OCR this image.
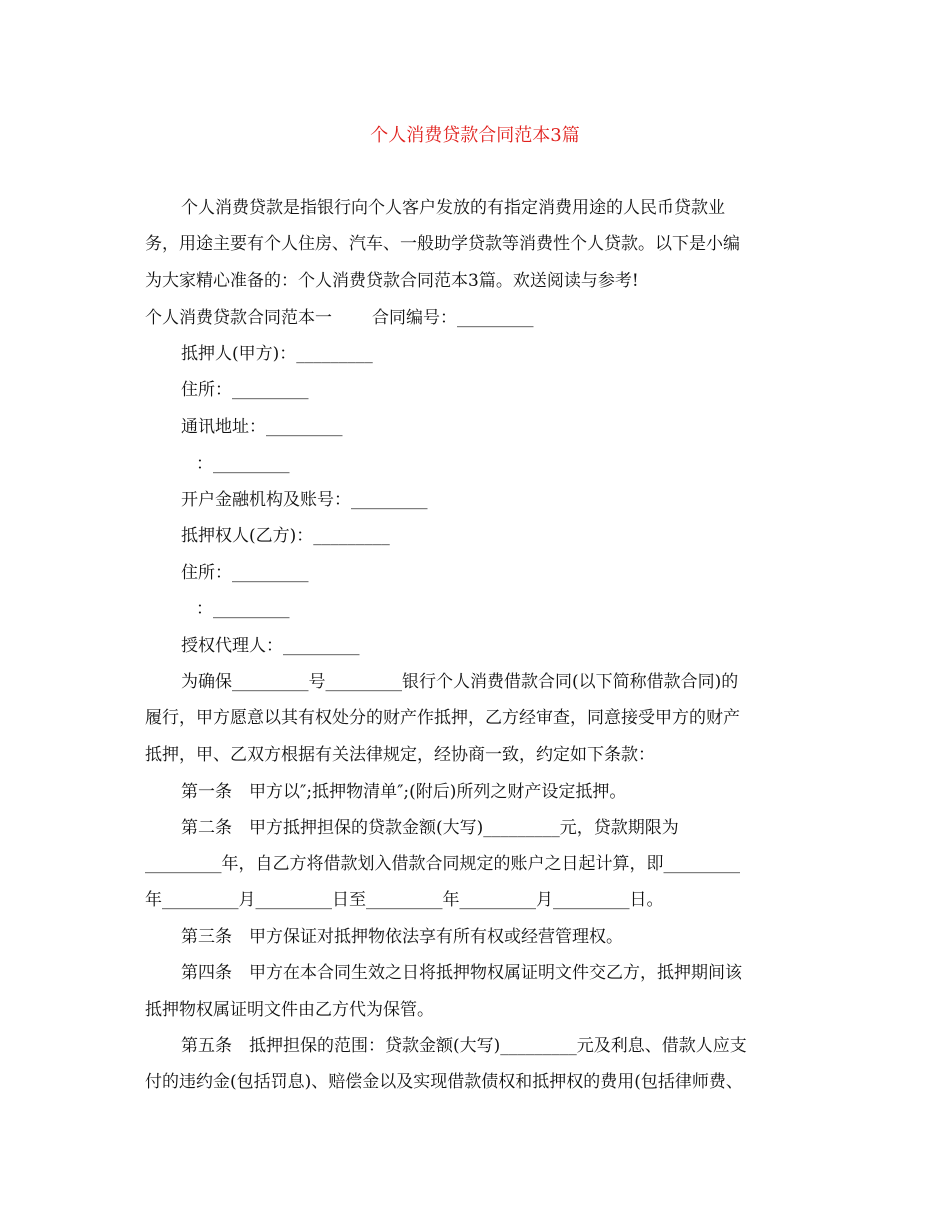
个人消费贷款合同范本3篇
个人消费贷款是指银行向个人客户发放的有指定消费用途的人民币贷款业
务，用途主要有个人住房、汽车、一般助学贷款等消费性个人贷款。以下是小编
为大家精心准备的：个人消费贷款合同范本3篇。欢送阅读与参考!
个人消费贷款合同范本一 合同编号：_________
抵押人(甲方)：_________
住所：_________
通讯地址：_________
：_________
开户金融机构及账号：_________
抵押权人(乙方)：_________
住所：_________
：_________
授权代理人：_________
为确保_________号_________银行个人消费借款合同(以下简称借款合同)的
履行，甲方愿意以其有权处分的财产作抵押，乙方经审查，同意接受甲方的财产
抵押，甲、乙双方根据有关法律规定，经协商一致，约定如下条款：
第一条　甲方以″;抵押物清单″;(附后)所列之财产设定抵押。
第二条　甲方抵押担保的贷款金额(大写)_________元，贷款期限为
_________年，自乙方将借款划入借款合同规定的账户之日起计算，即_________
年_________月_________日至_________年_________月_________日。
第三条　甲方保证对抵押物依法享有所有权或经营管理权。
第四条　甲方在本合同生效之日将抵押物权属证明文件交乙方，抵押期间该
抵押物权属证明文件由乙方代为保管。
第五条　抵押担保的范围：贷款金额(大写)_________元及利息、借款人应支
付的违约金(包括罚息)、赔偿金以及实现借款债权和抵押权的费用(包括律师费、
